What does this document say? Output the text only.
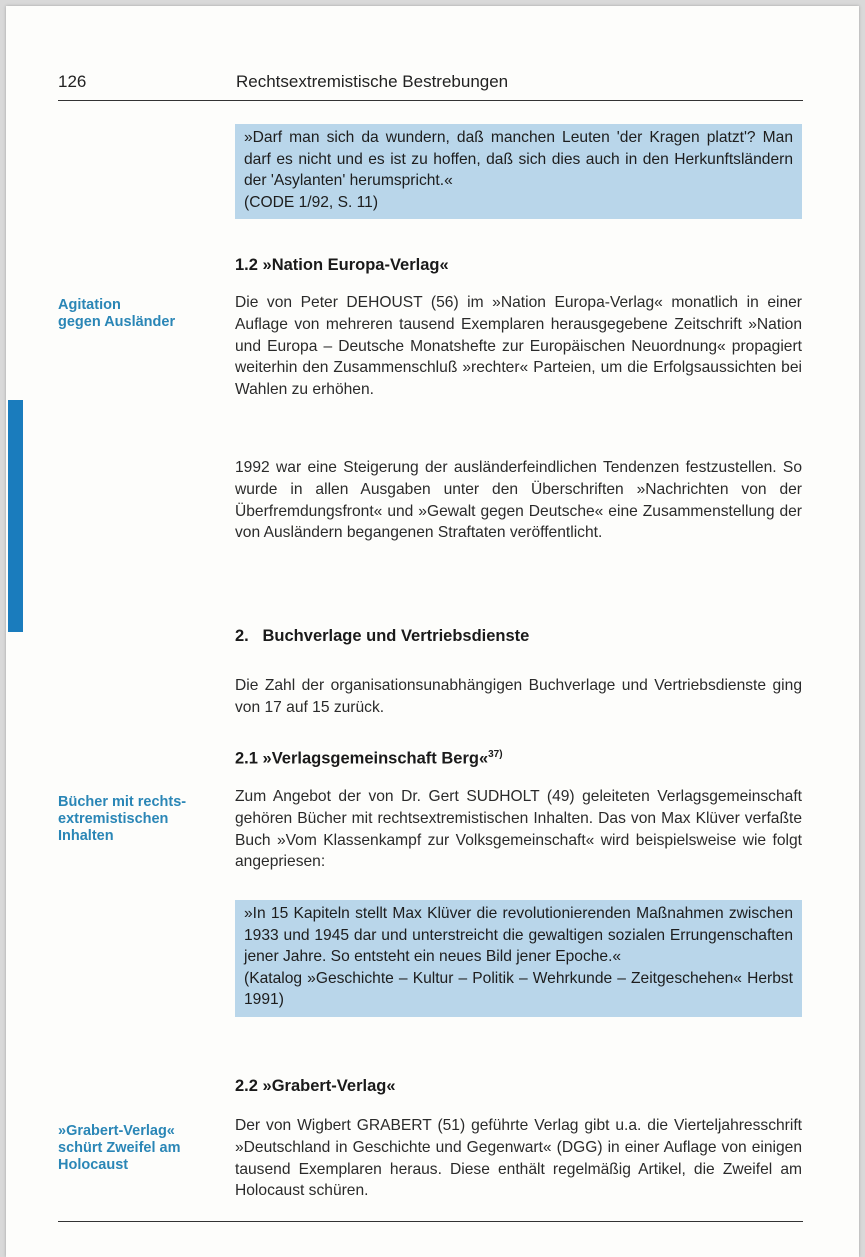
126	Rechtsextremistische Bestrebungen

»Darf man sich da wundern, daß manchen Leuten 'der Kragen platzt'? Man darf es nicht und es ist zu hoffen, daß sich dies auch in den Herkunftsländern der 'Asylanten' herumspricht.«

(CODE 1/92, S. 11)

1.2 »Nation Europa-Verlag«
Agitation
gegen Ausländer

Die von Peter DEHOUST (56) im »Nation Europa-Verlag« monatlich in einer Auflage von mehreren tausend Exemplaren herausgegebene Zeitschrift »Nation und Europa – Deutsche Monatshefte zur Europäischen Neuordnung« propagiert weiterhin den Zusammenschluß »rechter« Parteien, um die Erfolgsaussichten bei Wahlen zu erhöhen.

1992 war eine Steigerung der ausländerfeindlichen Tendenzen festzustellen. So wurde in allen Ausgaben unter den Überschriften »Nachrichten von der Überfremdungsfront« und »Gewalt gegen Deutsche« eine Zusammenstellung der von Ausländern begangenen Straftaten veröffentlicht.

2.   Buchverlage und Vertriebsdienste

Die Zahl der organisationsunabhängigen Buchverlage und Vertriebsdienste ging von 17 auf 15 zurück.

2.1 »Verlagsgemeinschaft Berg«$^{37)}$
Bücher mit rechts-
extremistischen
Inhalten

Zum Angebot der von Dr. Gert SUDHOLT (49) geleiteten Verlagsgemeinschaft gehören Bücher mit rechtsextremistischen Inhalten. Das von Max Klüver verfaßte Buch »Vom Klassenkampf zur Volksgemeinschaft« wird beispielsweise wie folgt angepriesen:

»In 15 Kapiteln stellt Max Klüver die revolutionierenden Maßnahmen zwischen 1933 und 1945 dar und unterstreicht die gewaltigen sozialen Errungenschaften jener Jahre. So entsteht ein neues Bild jener Epoche.«

(Katalog »Geschichte – Kultur – Politik – Wehrkunde – Zeitgeschehen« Herbst 1991)

2.2 »Grabert-Verlag«
»Grabert-Verlag«
schürt Zweifel am
Holocaust

Der von Wigbert GRABERT (51) geführte Verlag gibt u.a. die Vierteljahresschrift »Deutschland in Geschichte und Gegenwart« (DGG) in einer Auflage von einigen tausend Exemplaren heraus. Diese enthält regelmäßig Artikel, die Zweifel am Holocaust schüren.
